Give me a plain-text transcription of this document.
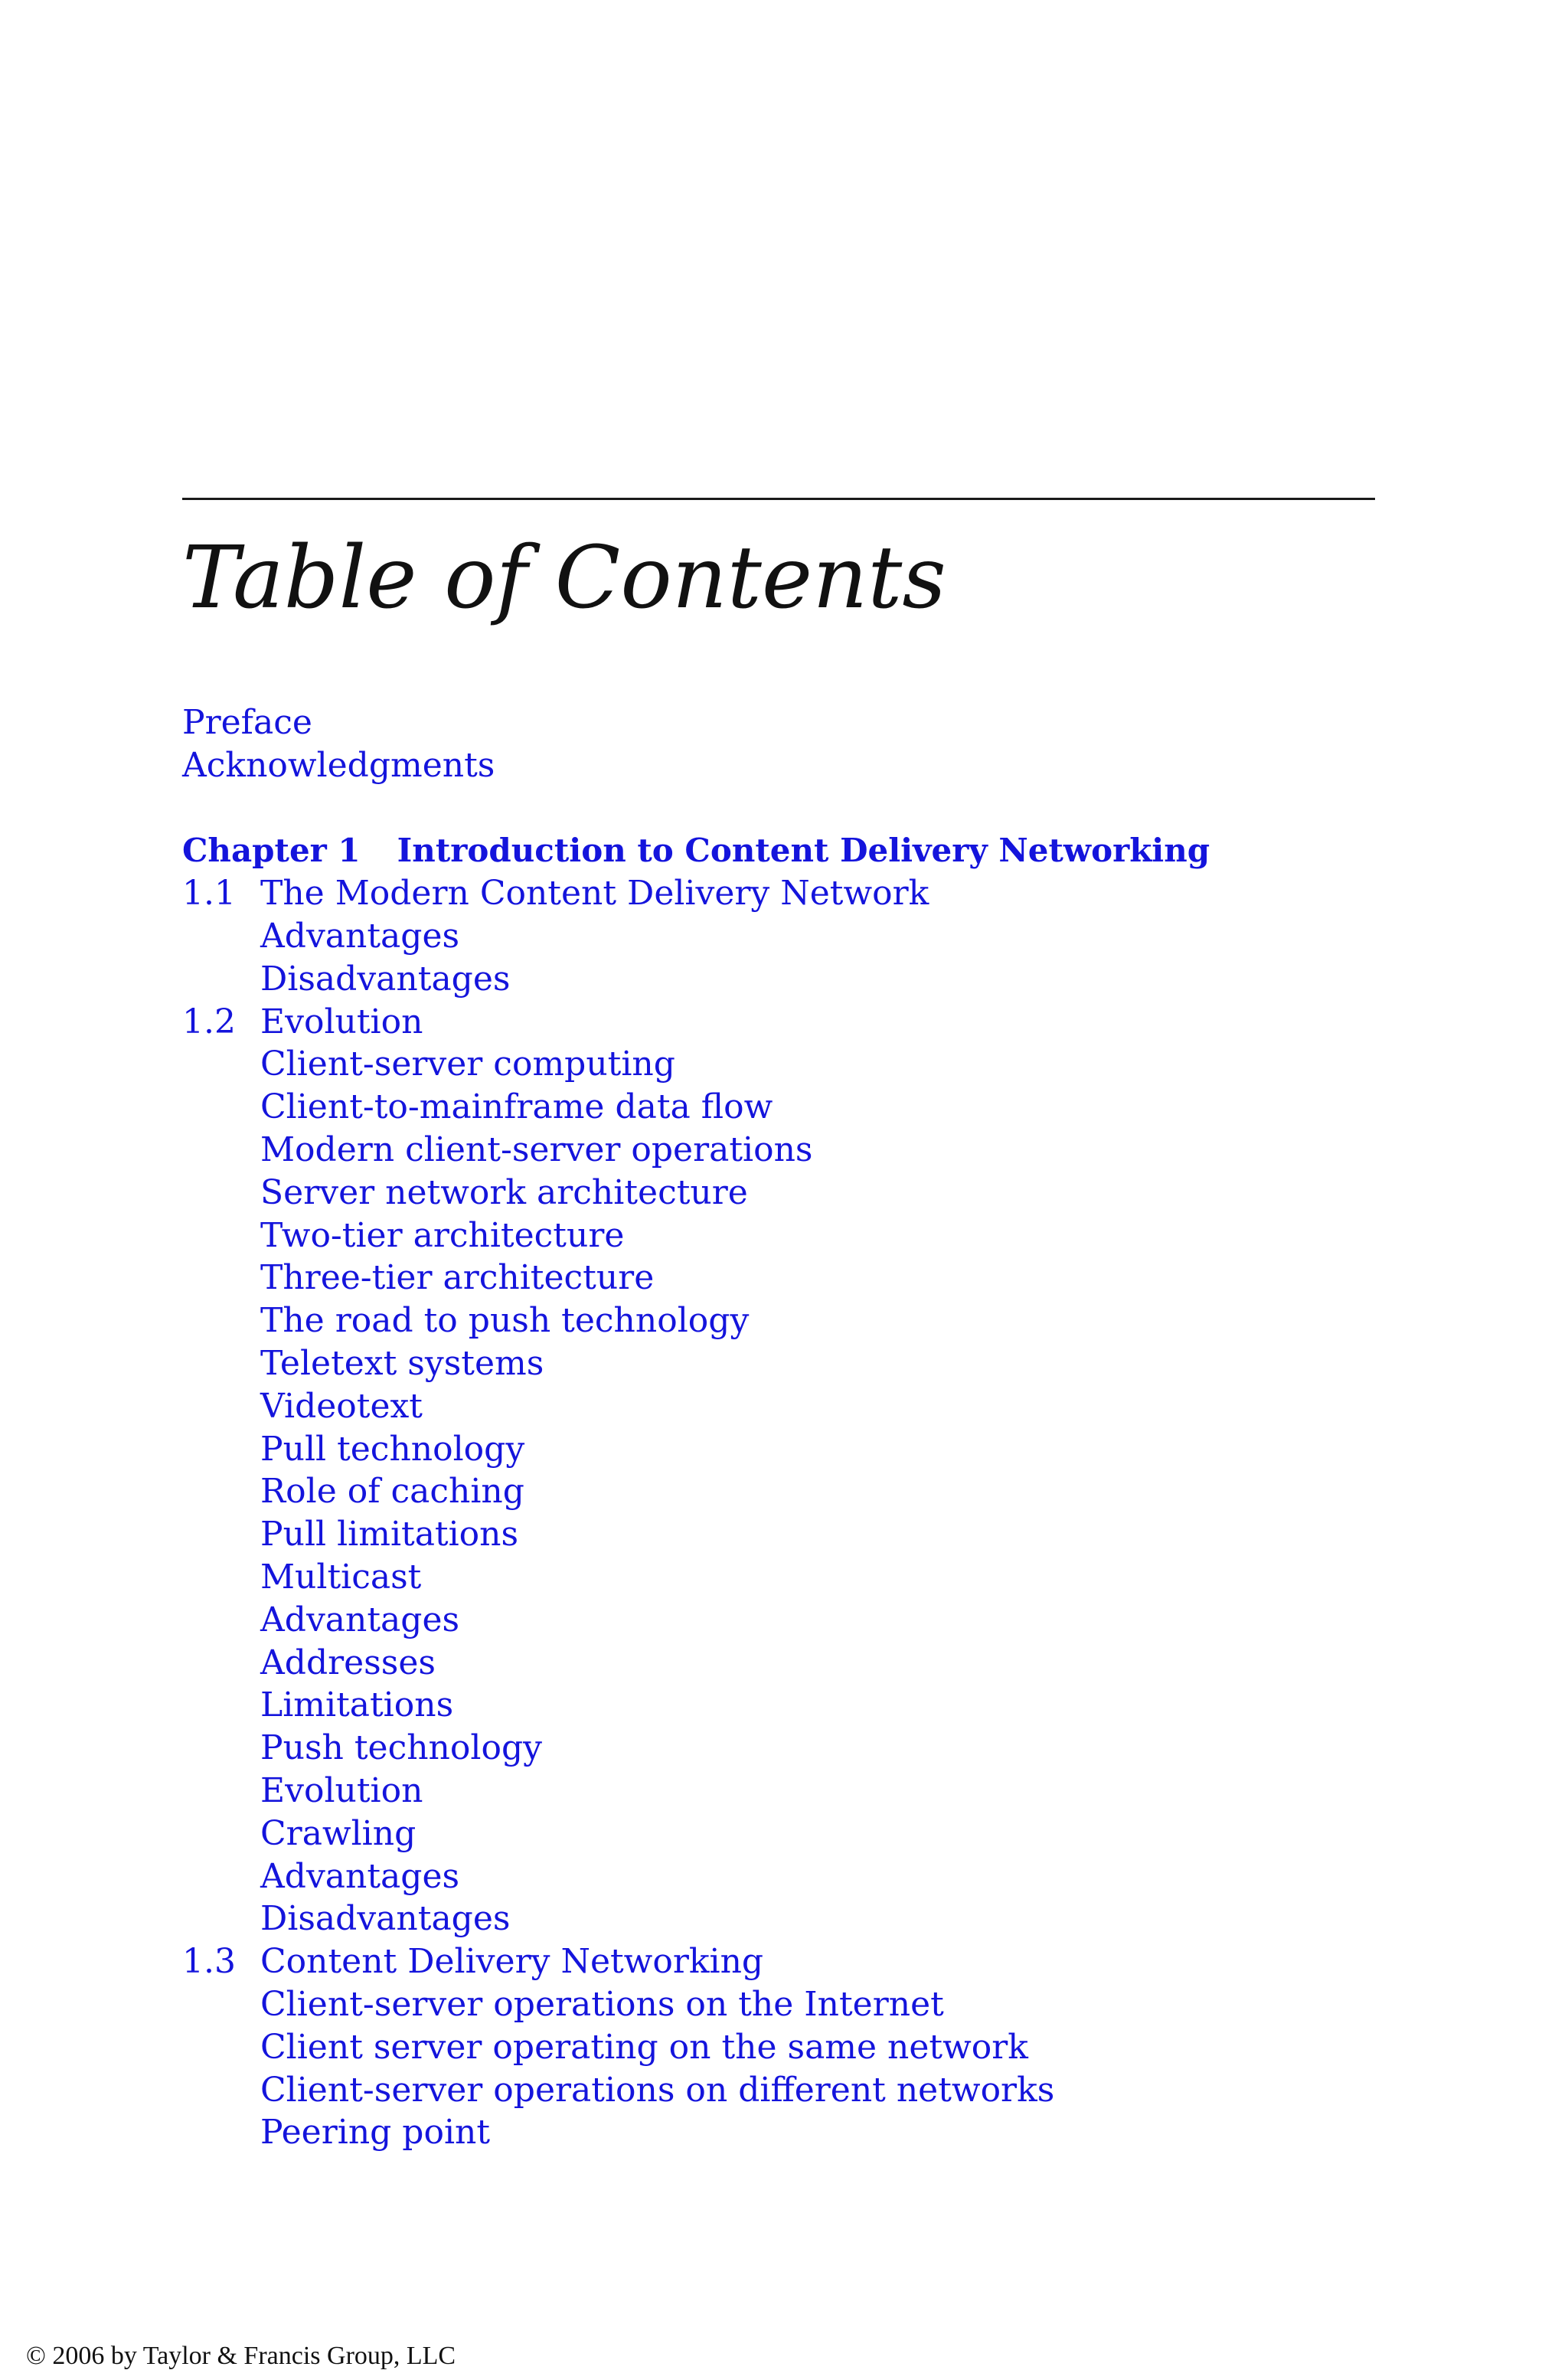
Table of Contents
Preface
Acknowledgments
Chapter 1 Introduction to Content Delivery Networking
1.1 The Modern Content Delivery Network
Advantages
Disadvantages
1.2 Evolution
Client-server computing
Client-to-mainframe data flow
Modern client-server operations
Server network architecture
Two-tier architecture
Three-tier architecture
The road to push technology
Teletext systems
Videotext
Pull technology
Role of caching
Pull limitations
Multicast
Advantages
Addresses
Limitations
Push technology
Evolution
Crawling
Advantages
Disadvantages
1.3 Content Delivery Networking
Client-server operations on the Internet
Client server operating on the same network
Client-server operations on different networks
Peering point

© 2006 by Taylor & Francis Group, LLC
